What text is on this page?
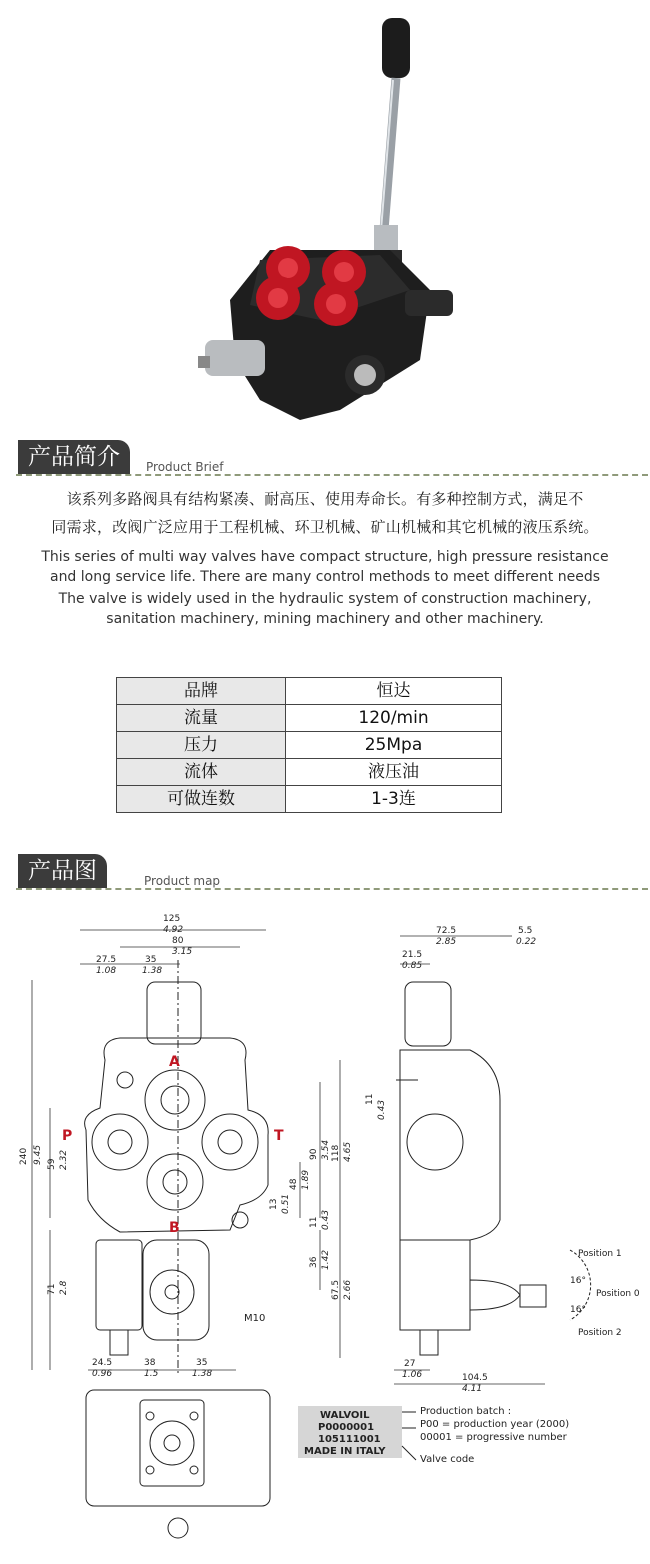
产品简介	Product Brief
该系列多路阀具有结构紧凑、耐高压、使用寿命长。有多种控制方式，满足不
同需求，改阀广泛应用于工程机械、环卫机械、矿山机械和其它机械的液压系统。
This series of multi way valves have compact structure, high pressure resistance
and long service life. There are many control methods to meet different needs
The valve is widely used in the hydraulic system of construction machinery,
sanitation machinery, mining machinery and other machinery.
品牌	恒达
流量	120/min
压力	25Mpa
流体	液压油
可做连数	1-3连
产品图	Product map
125
4.92
80
3.15
27.5
1.08
35
1.38
240 9.45 59 2.32
71 2.8
90 3.54 118 4.65
48 1.89
13 0.51
11 0.43
36 1.42
67.5 2.66
24.5
0.96
38
1.5
35
1.38
M10
A
B
P	T
72.5
2.85
5.5
0.22
21.5
0.85
11
0.43
27
1.06	104.5
4.11
Position 1
Position 0
Position 2
16°
16°
WALVOIL
P0000001
105111001
MADE IN ITALY
Production batch :
P00 = production year (2000)
00001 = progressive number
Valve code
